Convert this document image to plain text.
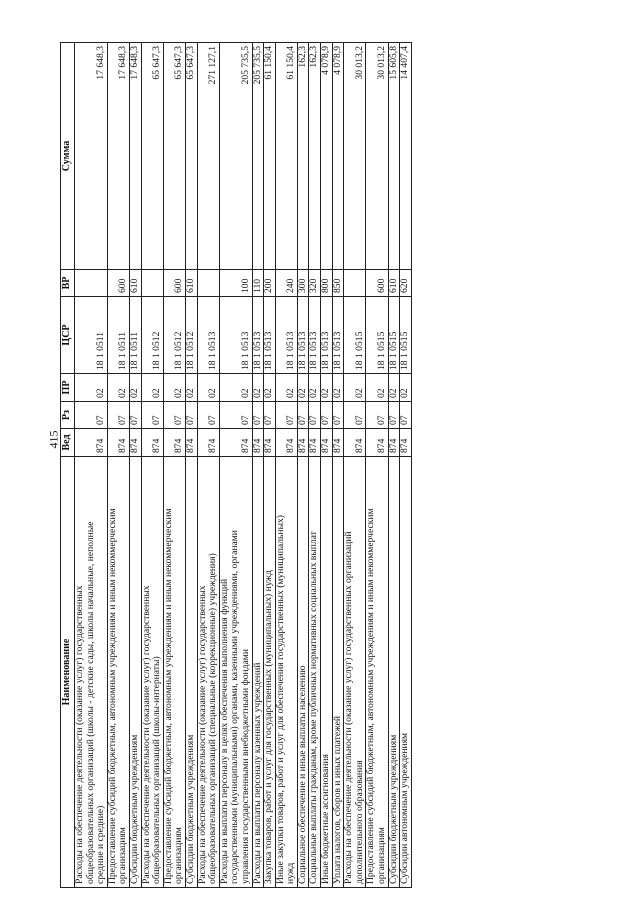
415
Наименование	Вед	Рз	ПР	ЦСР	ВР	Сумма

Расходы на обеспечение деятельности (оказание услуг) государственных общеобразовательных организаций (школы - детские сады, школы начальные, неполные средние и средние)	874	07	02	18 1 0511		17 648,3

Предоставление субсидий бюджетным, автономным учреждениям и иным некоммерческим организациям	874	07	02	18 1 0511	600	17 648,3

Субсидии бюджетным учреждениям	874	07	02	18 1 0511	610	17 648,3

Расходы на обеспечение деятельности (оказание услуг) государственных общеобразовательных организаций (школы-интернаты)	874	07	02	18 1 0512		65 647,3

Предоставление субсидий бюджетным, автономным учреждениям и иным некоммерческим организациям	874	07	02	18 1 0512	600	65 647,3

Субсидии бюджетным учреждениям	874	07	02	18 1 0512	610	65 647,3

Расходы на обеспечение деятельности (оказание услуг) государственных общеобразовательных организаций (специальные (коррекционные) учреждения)	874	07	02	18 1 0513		271 127,1

Расходы на выплаты персоналу в целях обеспечения выполнения функций государственными (муниципальными) органами, казенными учреждениями, органами управления государственными внебюджетными фондами	874	07	02	18 1 0513	100	205 735,5

Расходы на выплаты персоналу казенных учреждений	874	07	02	18 1 0513	110	205 735,5

Закупка товаров, работ и услуг для государственных (муниципальных) нужд	874	07	02	18 1 0513	200	61 150,4

Иные закупки товаров, работ и услуг для обеспечения государственных (муниципальных) нужд	874	07	02	18 1 0513	240	61 150,4

Социальное обеспечение и иные выплаты населению	874	07	02	18 1 0513	300	162,3

Социальные выплаты гражданам, кроме публичных нормативных социальных выплат	874	07	02	18 1 0513	320	162,3

Иные бюджетные ассигнования	874	07	02	18 1 0513	800	4 078,9

Уплата налогов, сборов и иных платежей	874	07	02	18 1 0513	850	4 078,9

Расходы на обеспечение деятельности (оказание услуг) государственных организаций дополнительного образования	874	07	02	18 1 0515		30 013,2

Предоставление субсидий бюджетным, автономным учреждениям и иным некоммерческим организациям	874	07	02	18 1 0515	600	30 013,2

Субсидии бюджетным учреждениям	874	07	02	18 1 0515	610	15 605,8

Субсидии автономным учреждениям	874	07	02	18 1 0515	620	14 407,4
